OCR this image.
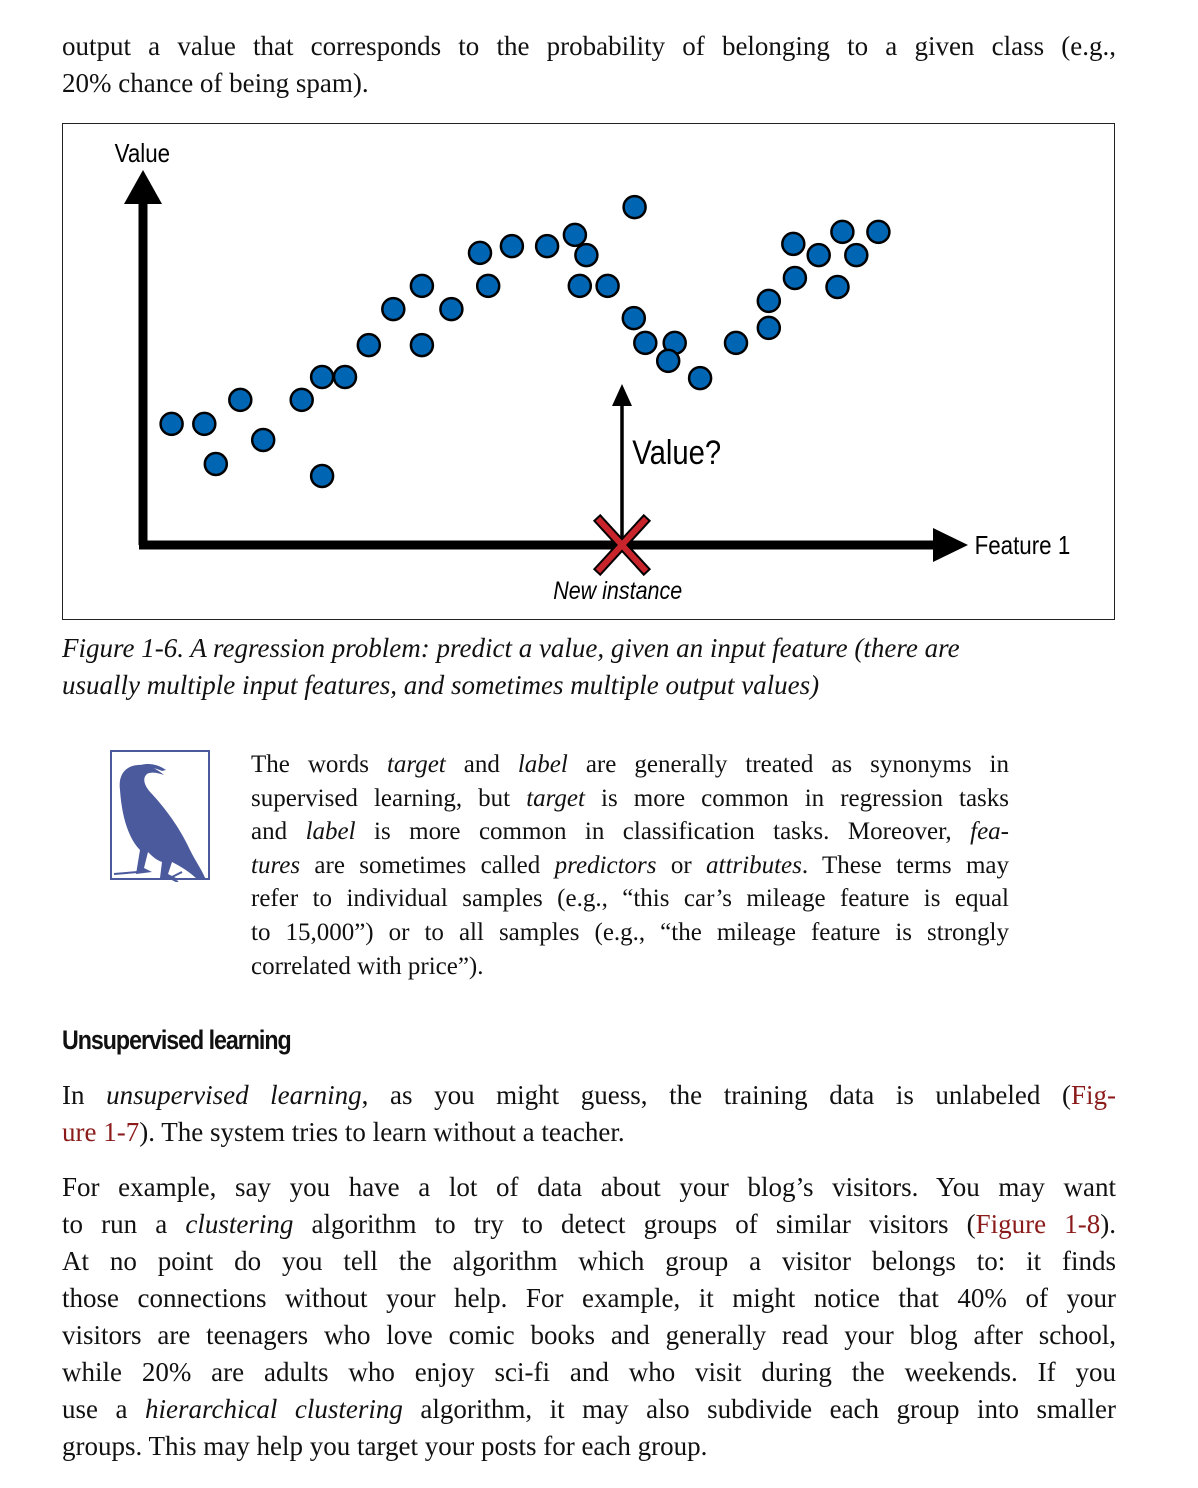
output a value that corresponds to the probability of belonging to a given class (e.g.,
20% chance of being spam).

Value
Feature 1
Value?
New instance
Figure 1-6. A regression problem: predict a value, given an input feature (there are
usually multiple input features, and sometimes multiple output values)
The words target and label are generally treated as synonyms in
supervised learning, but target is more common in regression tasks
and label is more common in classification tasks. Moreover, fea-
tures are sometimes called predictors or attributes. These terms may
refer to individual samples (e.g., “this car’s mileage feature is equal
to 15,000”) or to all samples (e.g., “the mileage feature is strongly
correlated with price”).
Unsupervised learning

In unsupervised learning, as you might guess, the training data is unlabeled (Fig-
ure 1-7). The system tries to learn without a teacher.

For example, say you have a lot of data about your blog’s visitors. You may want
to run a clustering algorithm to try to detect groups of similar visitors (Figure 1-8).
At no point do you tell the algorithm which group a visitor belongs to: it finds
those connections without your help. For example, it might notice that 40% of your
visitors are teenagers who love comic books and generally read your blog after school,
while 20% are adults who enjoy sci-fi and who visit during the weekends. If you
use a hierarchical clustering algorithm, it may also subdivide each group into smaller
groups. This may help you target your posts for each group.
